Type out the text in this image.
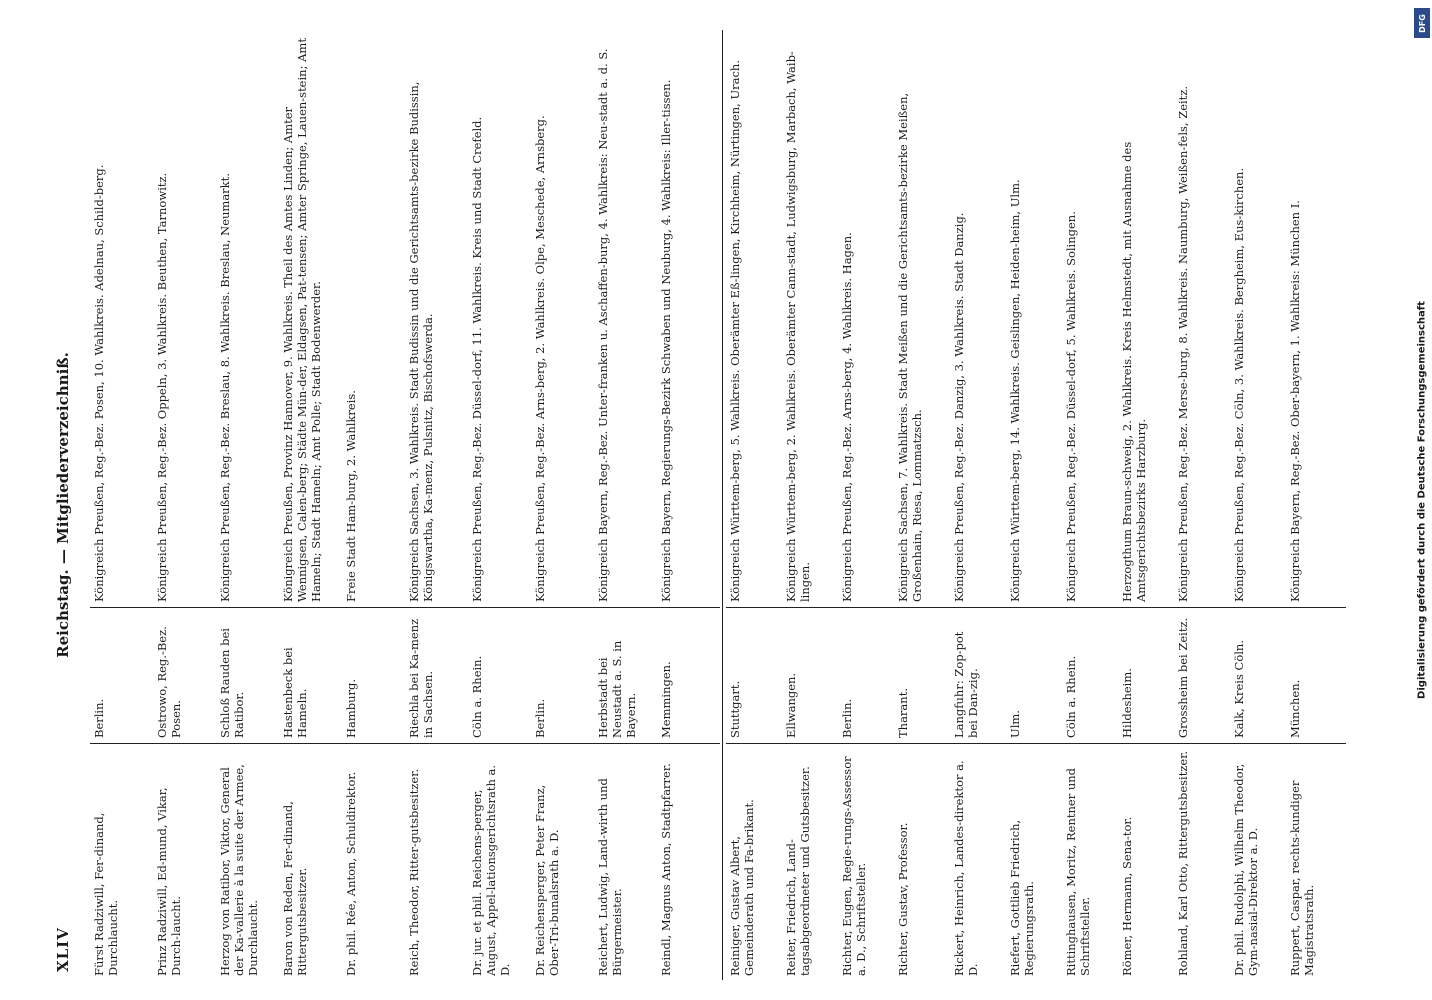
XLIV
Reichstag. — Mitgliederverzeichniß.
Fürst Radziwill, Fer-dinand, Durchlaucht.
Berlin.
Königreich Preußen, Reg.-Bez. Posen, 10. Wahlkreis. Adelnau, Schild-berg.
Prinz Radziwill, Ed-mund, Vikar, Durch-laucht.
Ostrowo, Reg.-Bez. Posen.
Königreich Preußen, Reg.-Bez. Oppeln, 3. Wahlkreis. Beuthen, Tarnowitz.
Herzog von Ratibor, Viktor, General der Ka-vallerie à la suite der Armee, Durchlaucht.
Schloß Rauden bei Ratibor.
Königreich Preußen, Reg.-Bez. Breslau, 8. Wahlkreis. Breslau, Neumarkt.
Baron von Reden, Fer-dinand, Rittergutsbesitzer.
Hastenbeck bei Hameln.
Königreich Preußen, Provinz Hannover, 9. Wahlkreis. Theil des Amtes Linden; Amter Wennigsen, Calen-berg; Städte Mün-der, Eldagsen, Pat-tensen; Amter Springe, Lauen-stein; Amt Hameln; Stadt Hameln; Amt Polle; Stadt Bodenwerder.
Dr. phil. Rée, Anton, Schuldirektor.
Hamburg.
Freie Stadt Ham-burg, 2. Wahlkreis.
Reich, Theodor, Ritter-gutsbesitzer.
Riechla bei Ka-menz in Sachsen.
Königreich Sachsen, 3. Wahlkreis. Stadt Budissin und die Gerichtsamts-bezirke Budissin, Königswartha, Ka-menz, Pulsnitz, Bischofswerda.
Dr. jur. et phil. Reichens-perger, August, Appel-lationsgerichtsrath a. D.
Cöln a. Rhein.
Königreich Preußen, Reg.-Bez. Düssel-dorf, 11. Wahlkreis. Kreis und Stadt Crefeld.
Dr. Reichensperger, Peter Franz, Ober-Tri-bunalsrath a. D.
Berlin.
Königreich Preußen, Reg.-Bez. Arns-berg, 2. Wahlkreis. Olpe, Meschede, Arnsberg.
Reichert, Ludwig, Land-wirth und Bürgermeister.
Herbstadt bei Neustadt a. S. in Bayern.
Königreich Bayern, Reg.-Bez. Unter-franken u. Aschaffen-burg, 4. Wahlkreis: Neu-stadt a. d. S.
Reindl, Magnus Anton, Stadtpfarrer.
Memmingen.
Königreich Bayern, Regierungs-Bezirk Schwaben und Neuburg, 4. Wahlkreis: Iller-tissen.
Reiniger, Gustav Albert, Gemeinderath und Fa-brikant.
Stuttgart.
Königreich Württem-berg, 5. Wahlkreis. Oberämter Eß-lingen, Kirchheim, Nürtingen, Urach.
Reiter, Friedrich, Land-tagsabgeordneter und Gutsbesitzer.
Ellwangen.
Königreich Württem-berg, 2. Wahlkreis. Oberämter Cann-stadt, Ludwigsburg, Marbach, Waib-lingen.
Richter, Eugen, Regie-rungs-Assessor a. D., Schriftsteller.
Berlin.
Königreich Preußen, Reg.-Bez. Arns-berg, 4. Wahlkreis. Hagen.
Richter, Gustav, Professor.
Tharant.
Königreich Sachsen, 7. Wahlkreis. Stadt Meißen und die Gerichtsamts-bezirke Meißen, Großenhain, Riesa, Lommatzsch.
Rickert, Heinrich, Landes-direktor a. D.
Langfuhr: Zop-pot bei Dan-zig.
Königreich Preußen, Reg.-Bez. Danzig, 3. Wahlkreis. Stadt Danzig.
Riefert, Gottlieb Friedrich, Regierungsrath.
Ulm.
Königreich Württem-berg, 14. Wahlkreis. Geislingen, Heiden-heim, Ulm.
Rittinghausen, Moritz, Rentner und Schriftsteller.
Cöln a. Rhein.
Königreich Preußen, Reg.-Bez. Düssel-dorf, 5. Wahlkreis. Solingen.
Römer, Hermann, Sena-tor.
Hildesheim.
Herzogthum Braun-schweig, 2. Wahlkreis. Kreis Helmstedt, mit Ausnahme des Amtsgerichtsbezirks Harzburg.
Rohland, Karl Otto, Rittergutsbesitzer.
Grossheim bei Zeitz.
Königreich Preußen, Reg.-Bez. Merse-burg, 8. Wahlkreis. Naumburg, Weißen-fels, Zeitz.
Dr. phil. Rudolphi, Wilhelm Theodor, Gym-nasial-Direktor a. D.
Kalk, Kreis Cöln.
Königreich Preußen, Reg.-Bez. Cöln, 3. Wahlkreis. Bergheim, Eus-kirchen.
Ruppert, Caspar, rechts-kundiger Magistratsrath.
München.
Königreich Bayern, Reg.-Bez. Ober-bayern, 1. Wahlkreis: München I.
DFG
Digitalisierung gefördert durch die Deutsche Forschungsgemeinschaft
